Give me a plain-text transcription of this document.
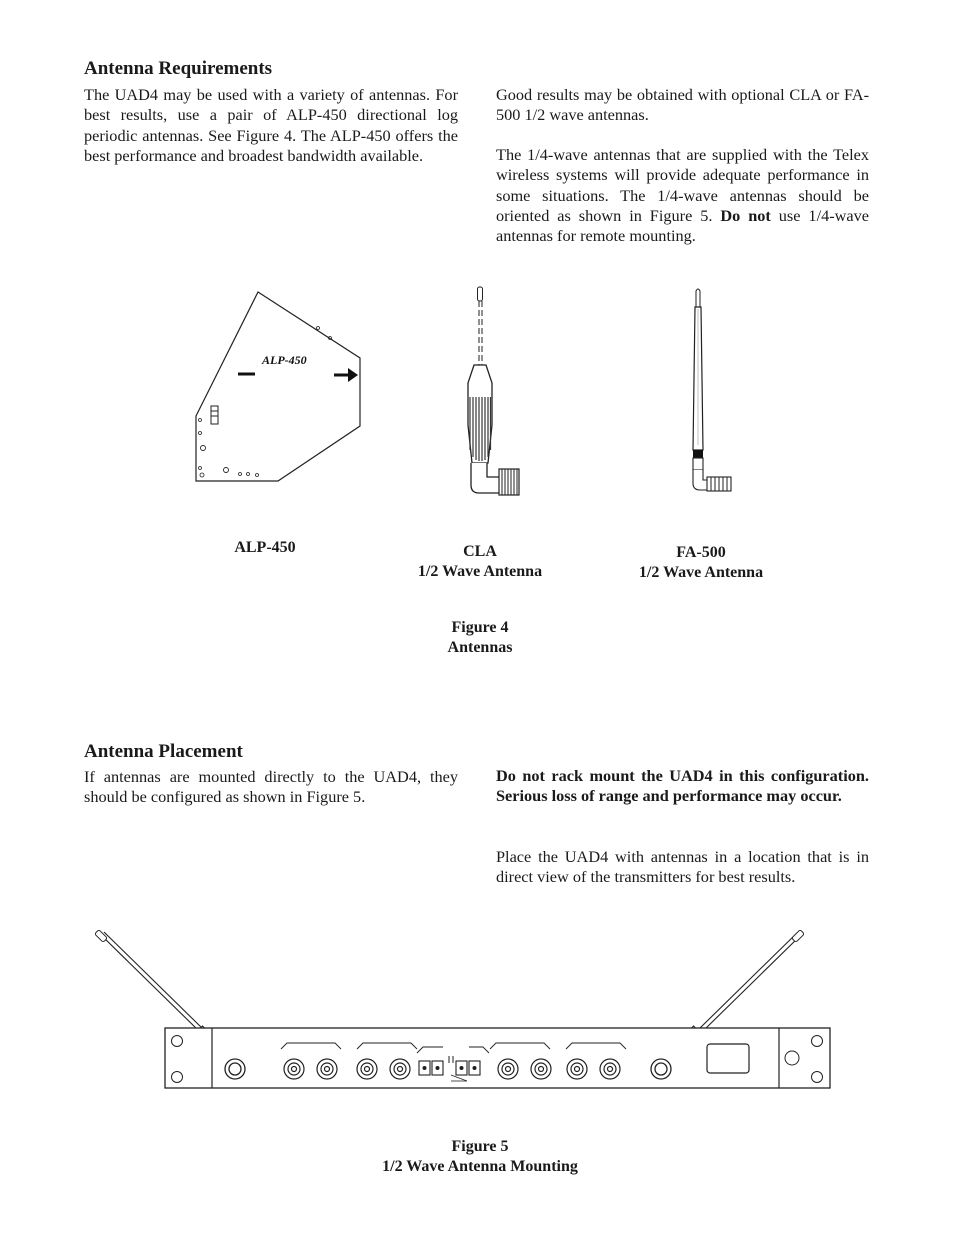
Antenna Requirements
The UAD4 may be used with a variety of antennas. For best results, use a pair of ALP-450 directional log periodic antennas. See Figure 4. The ALP-450 offers the best performance and broadest bandwidth available.
Good results may be obtained with optional CLA or FA-500 1/2 wave antennas.
The 1/4-wave antennas that are supplied with the Telex wireless systems will provide adequate performance in some situations. The 1/4-wave antennas should be oriented as shown in Figure 5. Do not use 1/4-wave antennas for remote mounting.
ALP-450
ALP-450	CLA
1/2 Wave Antenna
FA-500
1/2 Wave Antenna
Figure 4
Antennas
Antenna Placement
If antennas are mounted directly to the UAD4, they should be configured as shown in Figure 5.
Do not rack mount the UAD4 in this configuration. Serious loss of range and performance may occur.
Place the UAD4 with antennas in a location that is in direct view of the transmitters for best results.
Figure 5
1/2 Wave Antenna Mounting
